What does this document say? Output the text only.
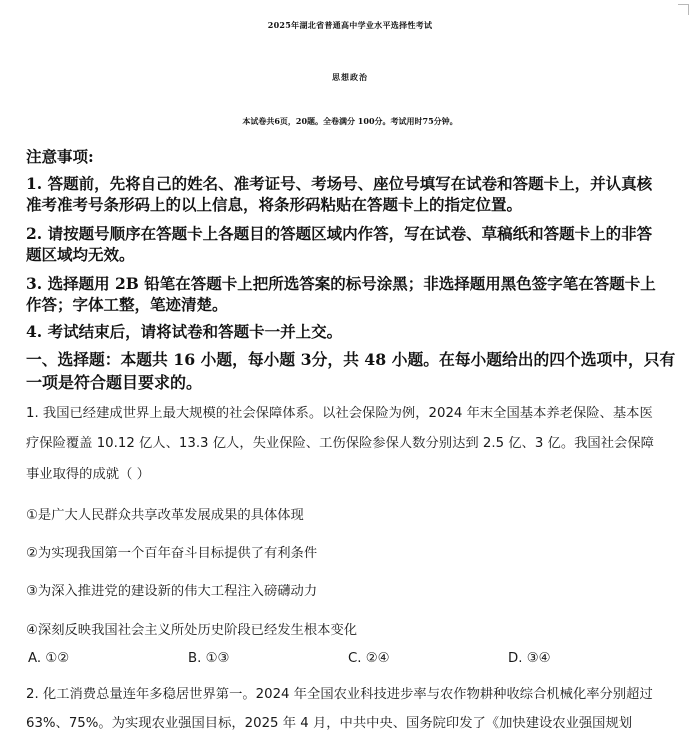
2025年湖北省普通高中学业水平选择性考试
思想政治
本试卷共6页，20题。全卷满分 100分。考试用时75分钟。
注意事项:
1. 答题前，先将自己的姓名、准考证号、考场号、座位号填写在试卷和答题卡上，并认真核
准考准考号条形码上的以上信息，将条形码粘贴在答题卡上的指定位置。
2. 请按题号顺序在答题卡上各题目的答题区域内作答，写在试卷、草稿纸和答题卡上的非答
题区域均无效。
3. 选择题用 2B 铅笔在答题卡上把所选答案的标号涂黑；非选择题用黑色签字笔在答题卡上
作答；字体工整，笔迹清楚。
4. 考试结束后，请将试卷和答题卡一并上交。
一、选择题：本题共 16 小题，每小题 3分，共 48 小题。在每小题给出的四个选项中，只有
一项是符合题目要求的。
1. 我国已经建成世界上最大规模的社会保障体系。以社会保险为例，2024 年末全国基本养老保险、基本医
疗保险覆盖 10.12 亿人、13.3 亿人，失业保险、工伤保险参保人数分别达到 2.5 亿、3 亿。我国社会保障
事业取得的成就（ ）
①是广大人民群众共享改革发展成果的具体体现
②为实现我国第一个百年奋斗目标提供了有利条件
③为深入推进党的建设新的伟大工程注入磅礴动力
④深刻反映我国社会主义所处历史阶段已经发生根本变化
A. ①②	B. ①③	C. ②④	D. ③④
2. 化工消费总量连年多稳居世界第一。2024 年全国农业科技进步率与农作物耕种收综合机械化率分别超过
63%、75%。为实现农业强国目标，2025 年 4 月，中共中央、国务院印发了《加快建设农业强国规划
